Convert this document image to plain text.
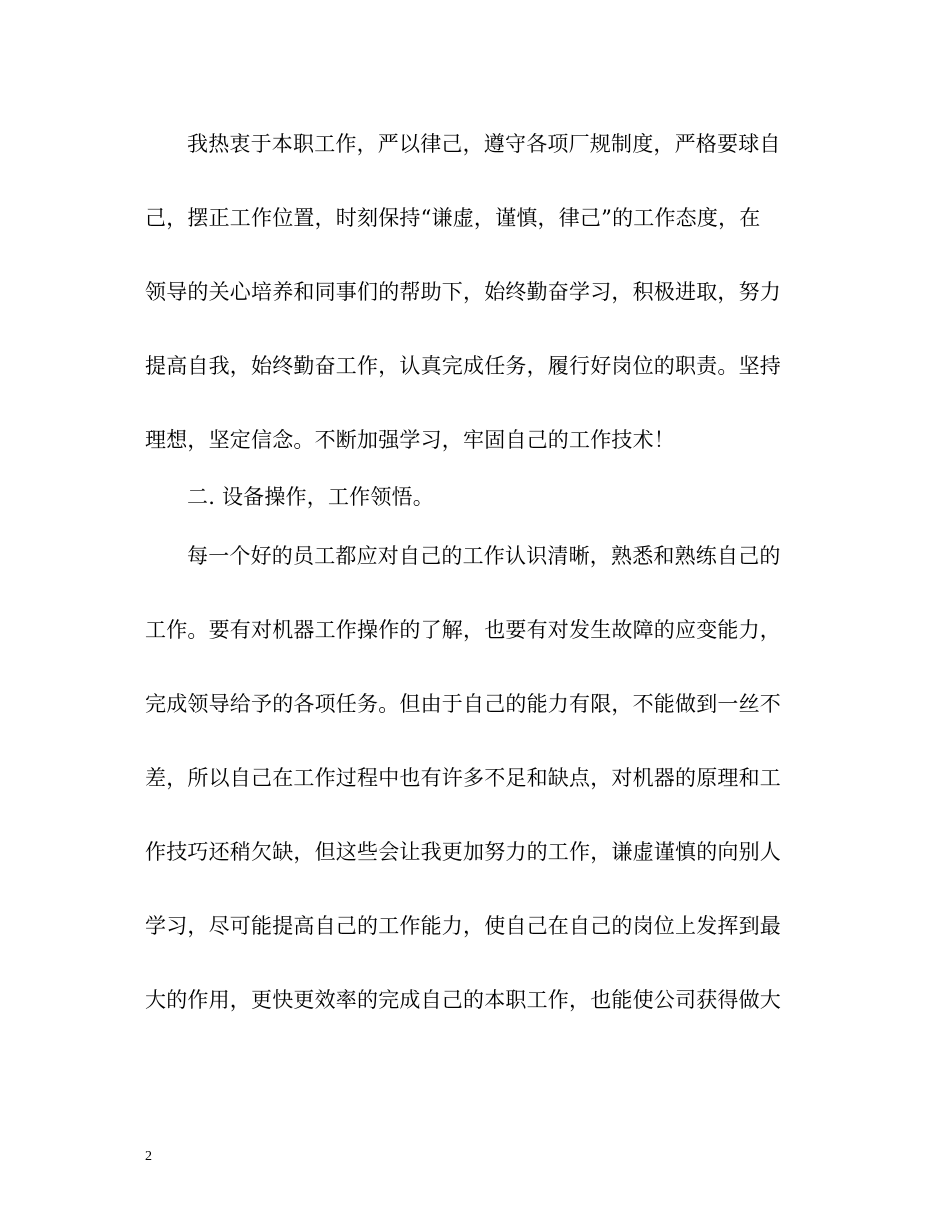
我热衷于本职工作，严以律己，遵守各项厂规制度，严格要球自
己，摆正工作位置，时刻保持“谦虚，谨慎，律己”的工作态度，在
领导的关心培养和同事们的帮助下，始终勤奋学习，积极进取，努力
提高自我，始终勤奋工作，认真完成任务，履行好岗位的职责。坚持
理想，坚定信念。不断加强学习，牢固自己的工作技术！
二. 设备操作，工作领悟。
每一个好的员工都应对自己的工作认识清晰，熟悉和熟练自己的
工作。要有对机器工作操作的了解，也要有对发生故障的应变能力，
完成领导给予的各项任务。但由于自己的能力有限，不能做到一丝不
差，所以自己在工作过程中也有许多不足和缺点，对机器的原理和工
作技巧还稍欠缺，但这些会让我更加努力的工作，谦虚谨慎的向别人
学习，尽可能提高自己的工作能力，使自己在自己的岗位上发挥到最
大的作用，更快更效率的完成自己的本职工作，也能使公司获得做大
2
